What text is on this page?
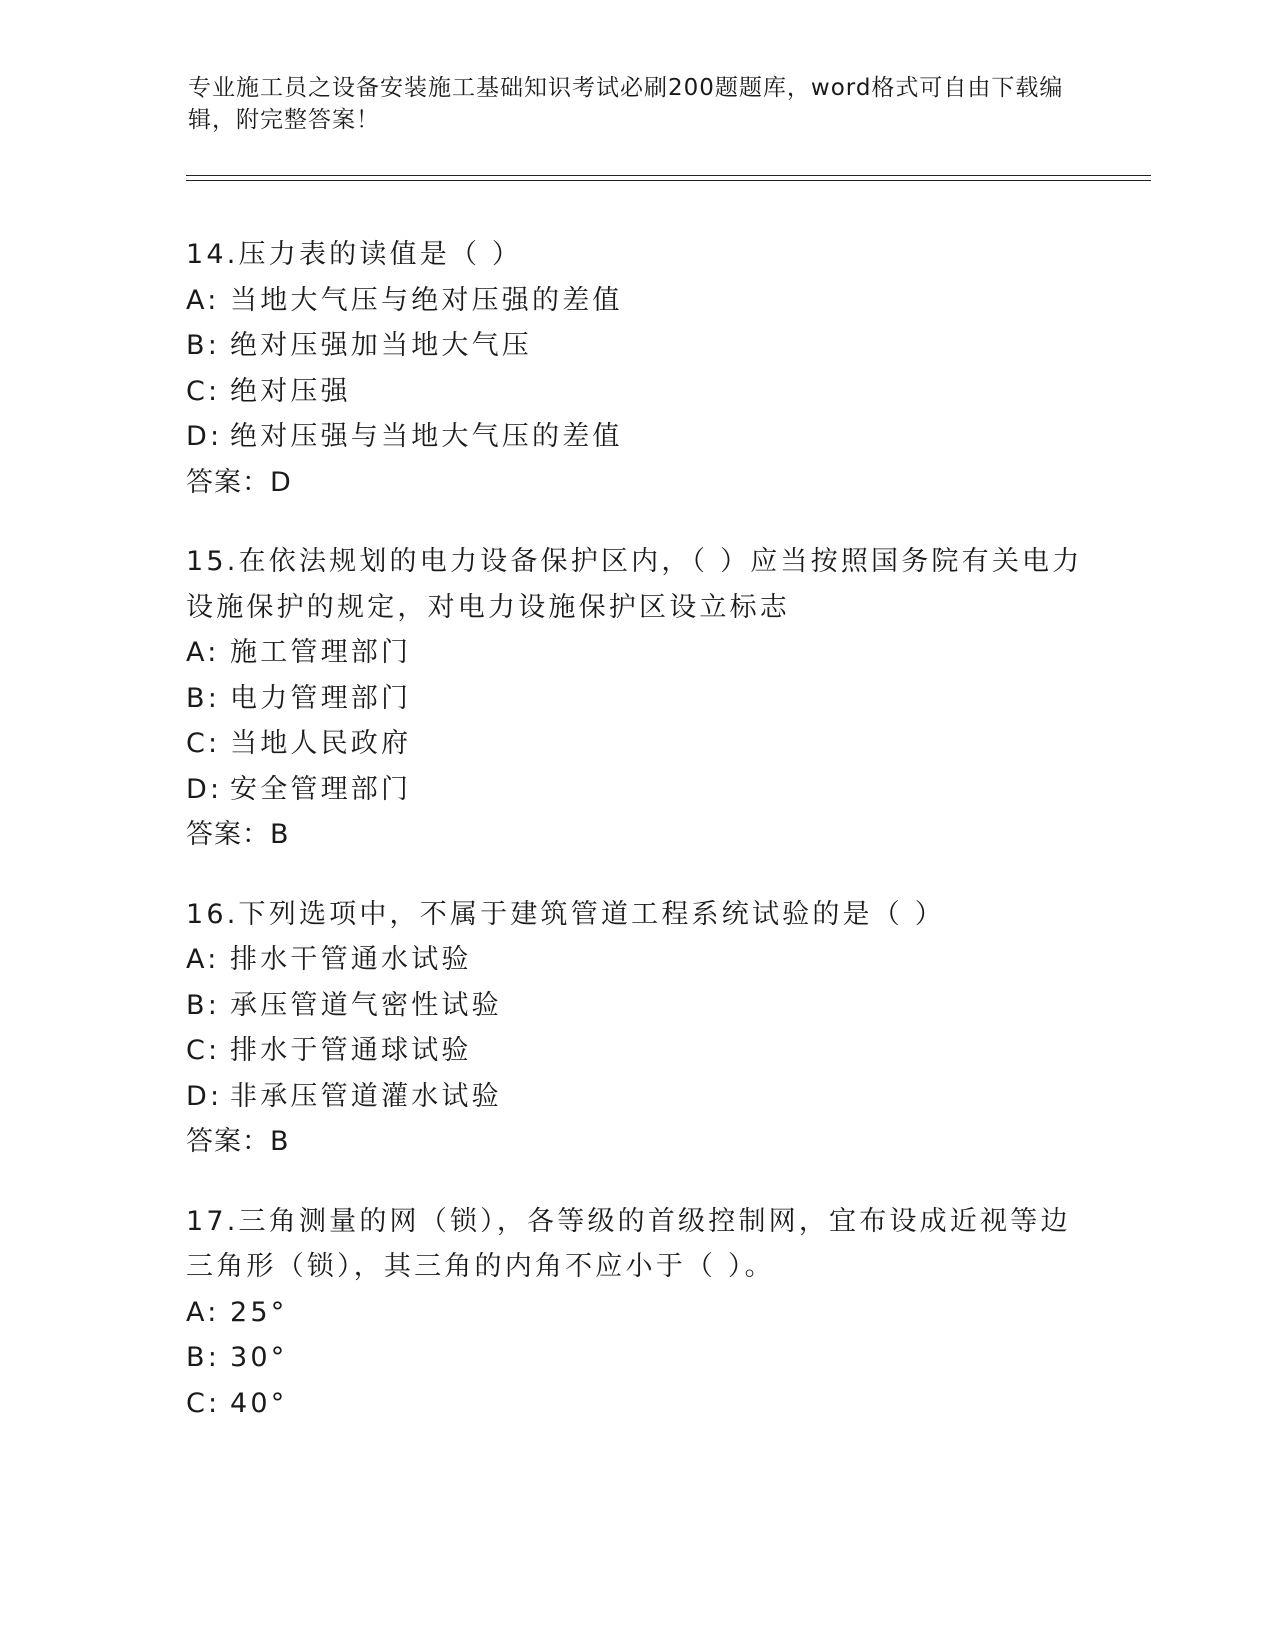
专业施工员之设备安装施工基础知识考试必刷200题题库，word格式可自由下载编辑，附完整答案！

14.压力表的读值是（ ）

A: 当地大气压与绝对压强的差值

B: 绝对压强加当地大气压

C: 绝对压强

D: 绝对压强与当地大气压的差值

答案：D

15.在依法规划的电力设备保护区内，（ ）应当按照国务院有关电力设施保护的规定，对电力设施保护区设立标志

A: 施工管理部门

B: 电力管理部门

C: 当地人民政府

D: 安全管理部门

答案：B

16.下列选项中，不属于建筑管道工程系统试验的是（ ）

A: 排水干管通水试验

B: 承压管道气密性试验

C: 排水于管通球试验

D: 非承压管道灌水试验

答案：B

17.三角测量的网（锁），各等级的首级控制网，宜布设成近视等边三角形（锁），其三角的内角不应小于（ ）。

A: 25°

B: 30°

C: 40°
